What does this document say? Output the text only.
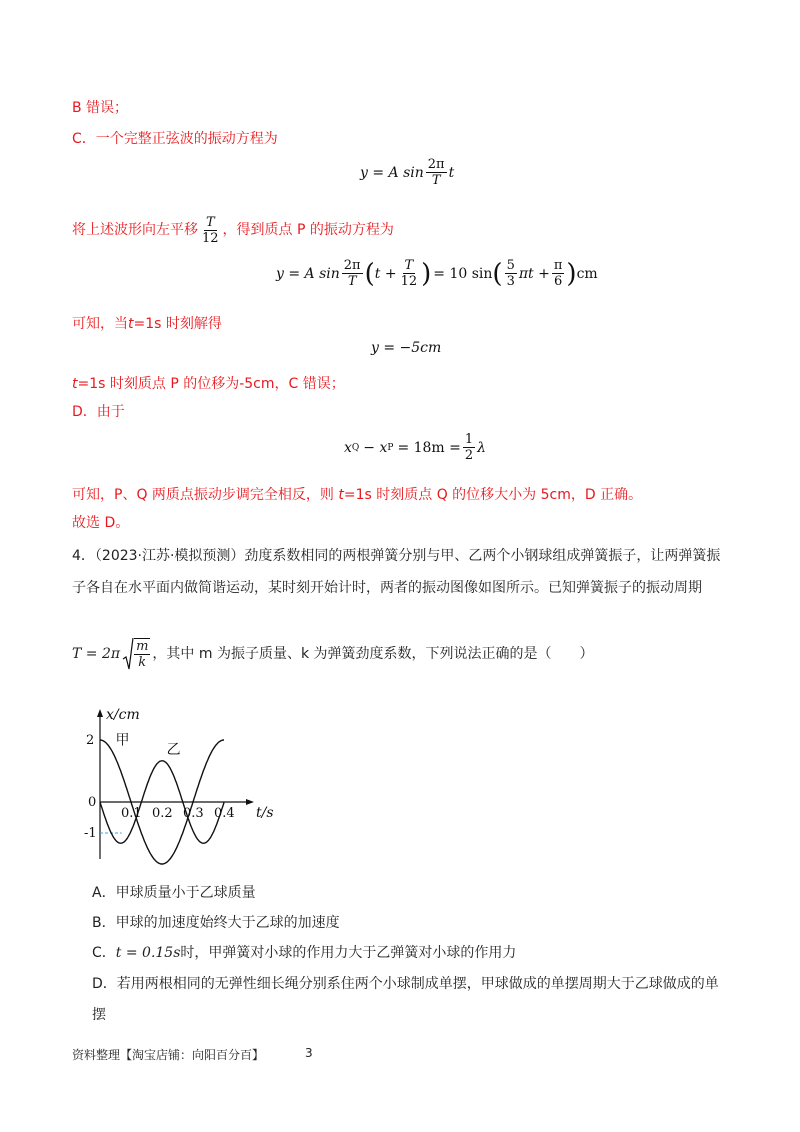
B 错误；
C．一个完整正弦波的振动方程为
y = A $\sin \frac{2\pi}{T}$ t
将上述波形向左平移 $\frac{T}{12}$ ，得到质点 P 的振动方程为
y = A $\sin \frac{2\pi}{T}$ ( $t + \frac{T}{12}$ ) = 10 sin ( $\frac{5}{3}$ $\pi t + \frac{\pi}{6}$ ) cm
可知，当t=1s 时刻解得
y = −5cm
t=1s 时刻质点 P 的位移为-5cm，C 错误；
D．由于
x Q − x $P = 18m = \frac{1}{2}$ λ
可知，P、Q 两质点振动步调完全相反，则 t=1s 时刻质点 Q 的位移大小为 5cm，D 正确。
故选 D。
4．（2023·江苏·模拟预测）劲度系数相同的两根弹簧分别与甲、乙两个小钢球组成弹簧振子，让两弹簧振
子各自在水平面内做简谐运动，某时刻开始计时，两者的振动图像如图所示。已知弹簧振子的振动周期
$T = 2\pi \frac{m}{k}$ ，其中 m 为振子质量、k 为弹簧劲度系数，下列说法正确的是（　　）
x/cm
t/s
2
0
-1
0.1 0.2 0.3 0.4
甲
乙
A．甲球质量小于乙球质量
B．甲球的加速度始终大于乙球的加速度
C．t = 0.15s时，甲弹簧对小球的作用力大于乙弹簧对小球的作用力
D．若用两根相同的无弹性细长绳分别系住两个小球制成单摆，甲球做成的单摆周期大于乙球做成的单
摆
资料整理【淘宝店铺：向阳百分百】	3
